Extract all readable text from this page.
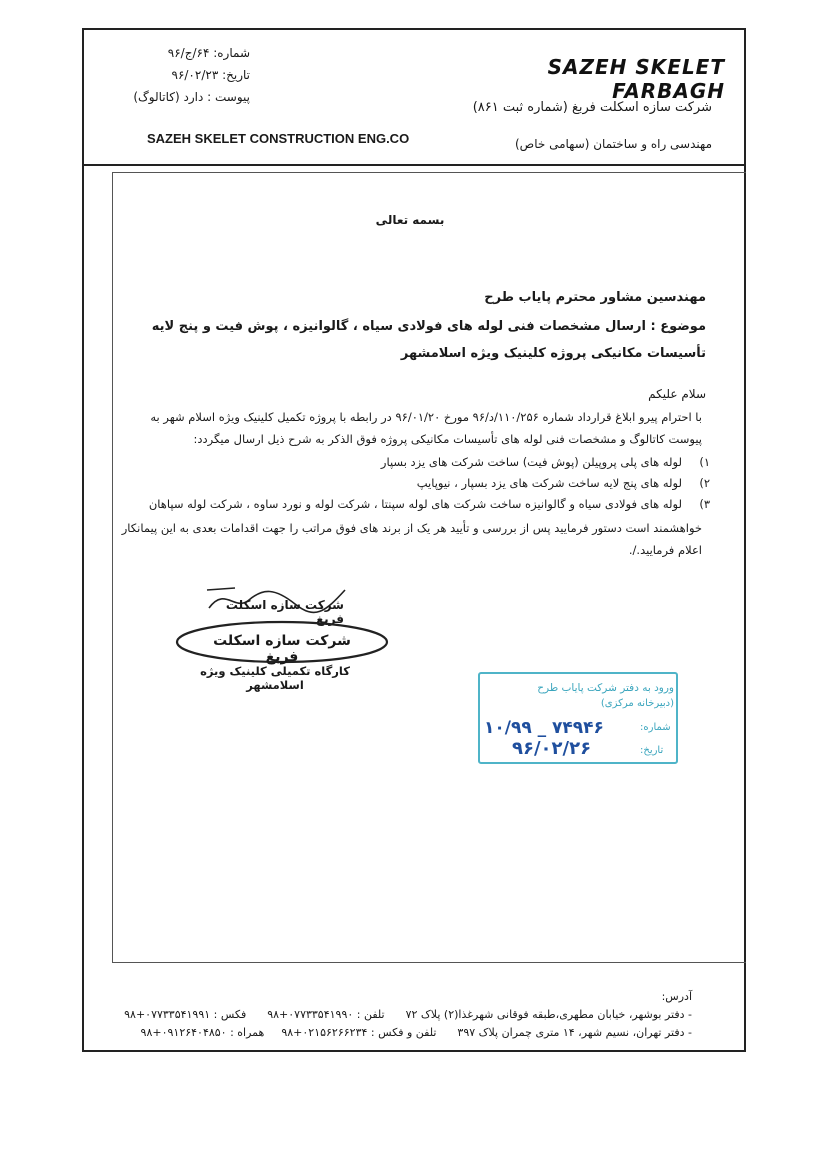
شماره: ۶۴/ج/۹۶
تاریخ: ۹۶/۰۲/۲۳
پیوست : دارد (کاتالوگ)
SAZEH SKELET FARBAGH
شرکت سازه اسکلت فربغ (شماره ثبت ۸۶۱)
مهندسی راه و ساختمان (سهامی خاص)
SAZEH SKELET CONSTRUCTION ENG.CO
بسمه تعالی
مهندسین مشاور محترم پایاب طرح
موضوع : ارسال مشخصات فنی لوله های فولادی سیاه ، گالوانیزه ، پوش فیت و پنج لایه تأسیسات مکانیکی پروژه کلینیک ویژه اسلامشهر
سلام علیکم
با احترام پیرو ابلاغ قرارداد شماره ۱۱۰/۲۵۶/د/۹۶ مورخ ۹۶/۰۱/۲۰ در رابطه با پروژه تکمیل کلینیک ویژه اسلام شهر به پیوست کاتالوگ و مشخصات فنی لوله های تأسیسات مکانیکی پروژه فوق الذکر به شرح ذیل ارسال میگردد:
۱)
لوله های پلی پروپیلن (پوش فیت) ساخت شرکت های یزد بسپار
۲)
لوله های پنج لایه ساخت شرکت های یزد بسپار ، نیوپایپ
۳)
لوله های فولادی سیاه و گالوانیزه ساخت شرکت های لوله سپنتا ، شرکت لوله و نورد ساوه ، شرکت لوله سپاهان
خواهشمند است دستور فرمایید پس از بررسی و تأیید هر یک از برند های فوق مراتب را جهت اقدامات بعدی به این پیمانکار اعلام فرمایید./.
شرکت سازه اسکلت فربغ
شرکت سازه اسکلت فربغ
کارگاه تکمیلی کلینیک ویژه اسلامشهر	ورود به دفتر شرکت پایاب طرح
(دبیرخانه مرکزی)
شماره:
۱۰/۹۹ _ ۷۴۹۴۶
تاریخ:
۹۶/۰۲/۲۶
آدرس:
- دفتر بوشهر، خیابان مطهری،طبقه فوقانی شهرغذا(۲) پلاک ۷۲  تلفن : ۰۷۷۳۳۵۴۱۹۹۰+۹۸  فکس : ۰۷۷۳۳۵۴۱۹۹۱+۹۸
- دفتر تهران، نسیم شهر، ۱۴ متری چمران پلاک ۳۹۷  تلفن و فکس : ۰۲۱۵۶۲۶۶۲۳۴+۹۸  همراه : ۰۹۱۲۶۴۰۴۸۵۰+۹۸
